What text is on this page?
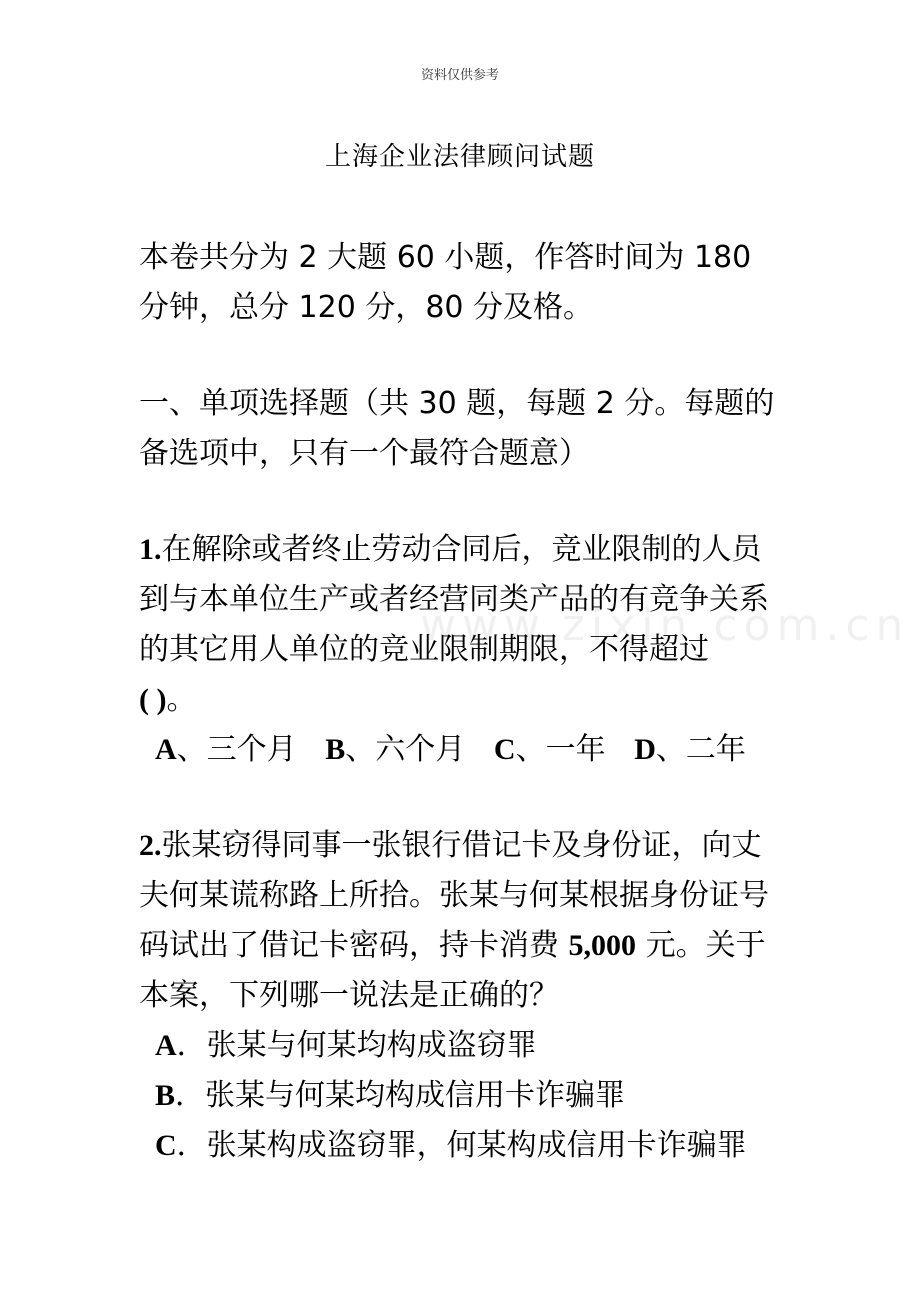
资料仅供参考
上海企业法律顾问试题
www.zixin.com.cn

本卷共分为 2 大题 60 小题，作答时间为 180 分钟，总分 120 分，80 分及格。

一、单项选择题（共 30 题，每题 2 分。每题的备选项中，只有一个最符合题意）

1.在解除或者终止劳动合同后，竞业限制的人员到与本单位生产或者经营同类产品的有竞争关系的其它用人单位的竞业限制期限，不得超过
( )。

A、三个月 B、六个月 C、一年 D、二年

2.张某窃得同事一张银行借记卡及身份证，向丈夫何某谎称路上所拾。张某与何某根据身份证号码试出了借记卡密码，持卡消费 5,000 元。关于本案，下列哪一说法是正确的？

A．张某与何某均构成盗窃罪
B．张某与何某均构成信用卡诈骗罪
C．张某构成盗窃罪，何某构成信用卡诈骗罪
